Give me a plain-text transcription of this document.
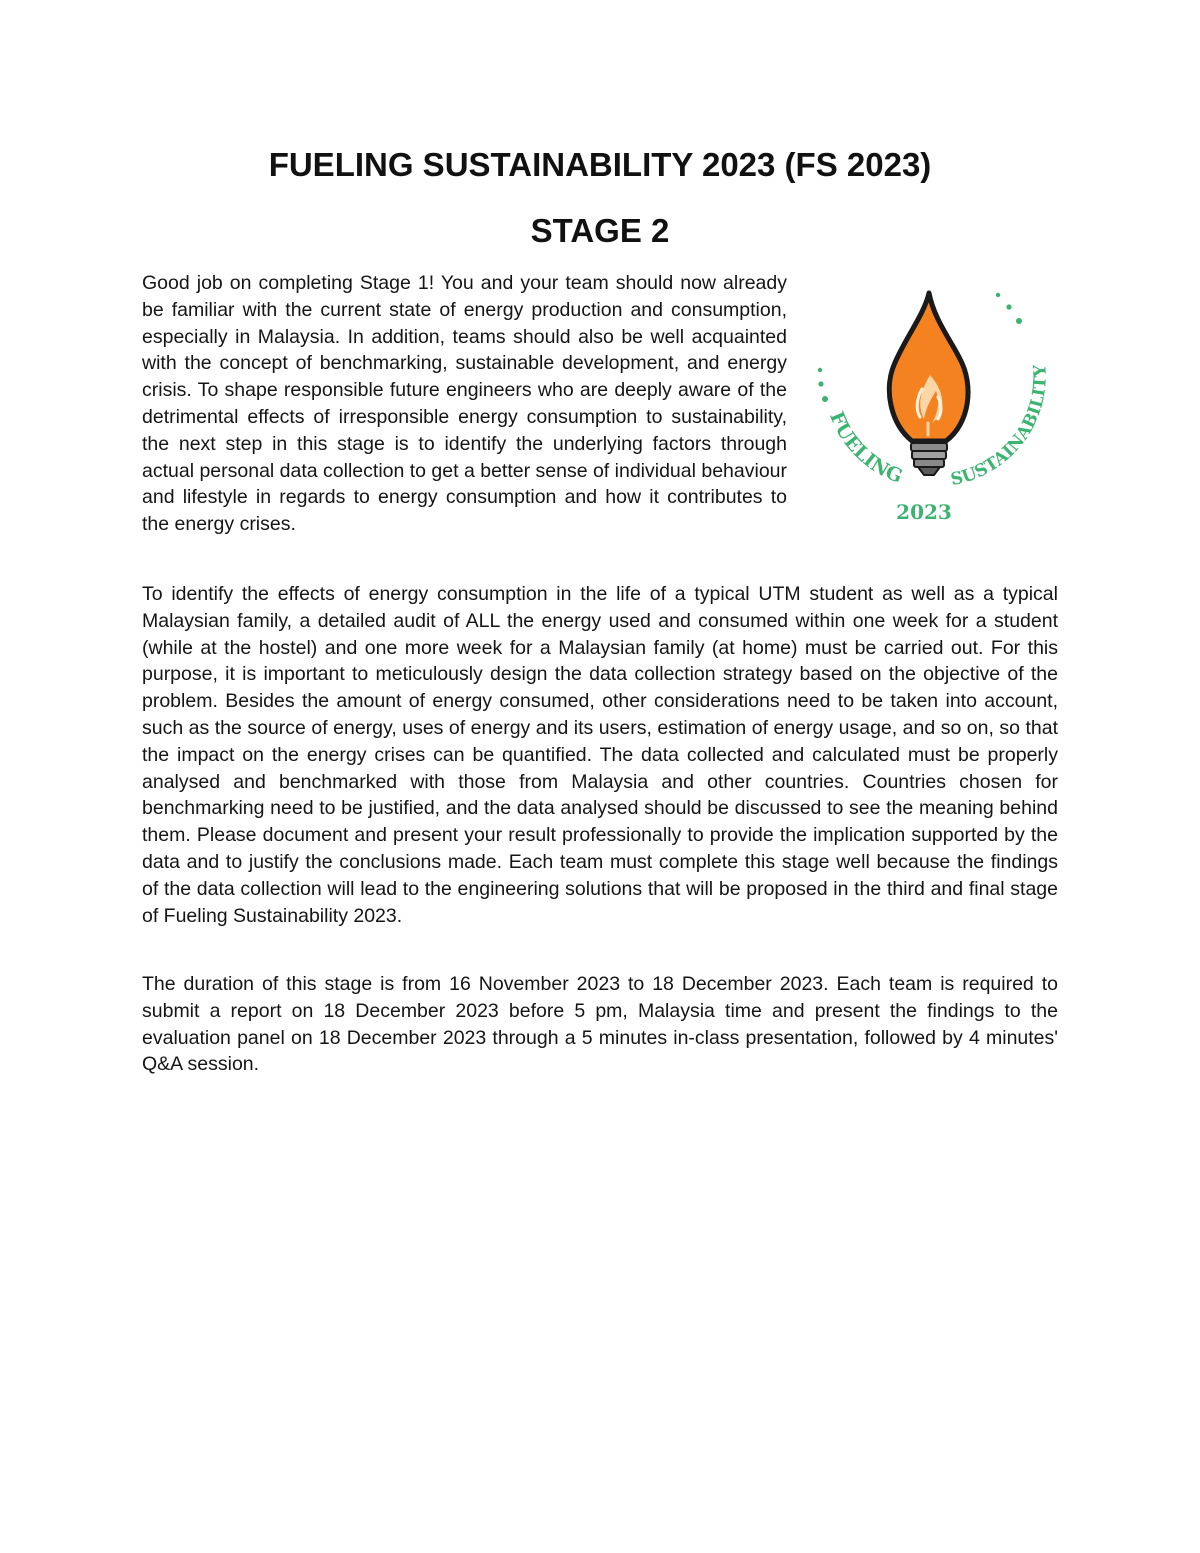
FUELING SUSTAINABILITY 2023 (FS 2023)
STAGE 2

Good job on completing Stage 1! You and your team should now already be familiar with the current state of energy production and consumption, especially in Malaysia. In addition, teams should also be well acquainted with the concept of benchmarking, sustainable development, and energy crisis. To shape responsible future engineers who are deeply aware of the detrimental effects of irresponsible energy consumption to sustainability, the next step in this stage is to identify the underlying factors through actual personal data collection to get a better sense of individual behaviour and lifestyle in regards to energy consumption and how it contributes to the energy crises.

FUELING	SUSTAINABILITY
2023

To identify the effects of energy consumption in the life of a typical UTM student as well as a typical Malaysian family, a detailed audit of ALL the energy used and consumed within one week for a student (while at the hostel) and one more week for a Malaysian family (at home) must be carried out. For this purpose, it is important to meticulously design the data collection strategy based on the objective of the problem. Besides the amount of energy consumed, other considerations need to be taken into account, such as the source of energy, uses of energy and its users, estimation of energy usage, and so on, so that the impact on the energy crises can be quantified. The data collected and calculated must be properly analysed and benchmarked with those from Malaysia and other countries. Countries chosen for benchmarking need to be justified, and the data analysed should be discussed to see the meaning behind them. Please document and present your result professionally to provide the implication supported by the data and to justify the conclusions made. Each team must complete this stage well because the findings of the data collection will lead to the engineering solutions that will be proposed in the third and final stage of Fueling Sustainability 2023.

The duration of this stage is from 16 November 2023 to 18 December 2023. Each team is required to submit a report on 18 December 2023 before 5 pm, Malaysia time and present the findings to the evaluation panel on 18 December 2023 through a 5 minutes in-class presentation, followed by 4 minutes' Q&A session.
